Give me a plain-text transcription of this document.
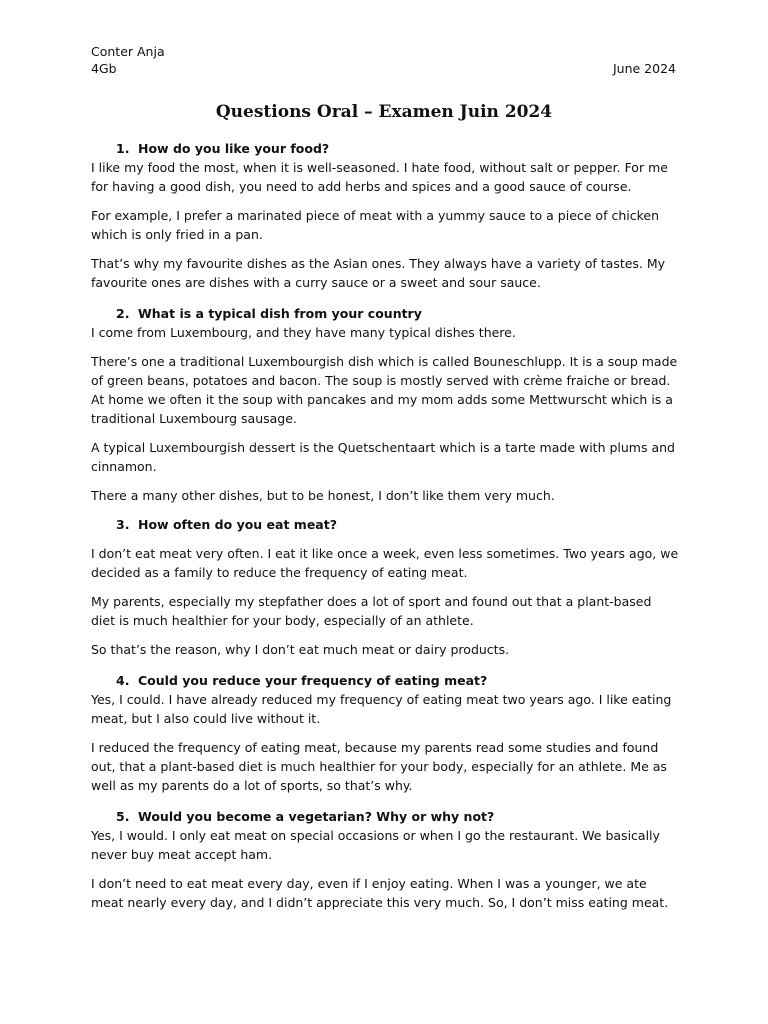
Conter Anja
4Gb	June 2024
Questions Oral – Examen Juin 2024
1. How do you like your food?

I like my food the most, when it is well-seasoned. I hate food, without salt or pepper. For me for having a good dish, you need to add herbs and spices and a good sauce of course.

For example, I prefer a marinated piece of meat with a yummy sauce to a piece of chicken which is only fried in a pan.

That’s why my favourite dishes as the Asian ones. They always have a variety of tastes. My favourite ones are dishes with a curry sauce or a sweet and sour sauce.

2. What is a typical dish from your country

I come from Luxembourg, and they have many typical dishes there.

There’s one a traditional Luxembourgish dish which is called Bouneschlupp. It is a soup made of green beans, potatoes and bacon. The soup is mostly served with crème fraiche or bread. At home we often it the soup with pancakes and my mom adds some Mettwurscht which is a traditional Luxembourg sausage.

A typical Luxembourgish dessert is the Quetschentaart which is a tarte made with plums and cinnamon.

There a many other dishes, but to be honest, I don’t like them very much.

3. How often do you eat meat?

I don’t eat meat very often. I eat it like once a week, even less sometimes. Two years ago, we decided as a family to reduce the frequency of eating meat.

My parents, especially my stepfather does a lot of sport and found out that a plant-based diet is much healthier for your body, especially of an athlete.

So that’s the reason, why I don’t eat much meat or dairy products.

4. Could you reduce your frequency of eating meat?

Yes, I could. I have already reduced my frequency of eating meat two years ago. I like eating meat, but I also could live without it.

I reduced the frequency of eating meat, because my parents read some studies and found out, that a plant-based diet is much healthier for your body, especially for an athlete. Me as well as my parents do a lot of sports, so that’s why.

5. Would you become a vegetarian? Why or why not?

Yes, I would. I only eat meat on special occasions or when I go the restaurant. We basically never buy meat accept ham.

I don’t need to eat meat every day, even if I enjoy eating. When I was a younger, we ate meat nearly every day, and I didn’t appreciate this very much. So, I don’t miss eating meat.
